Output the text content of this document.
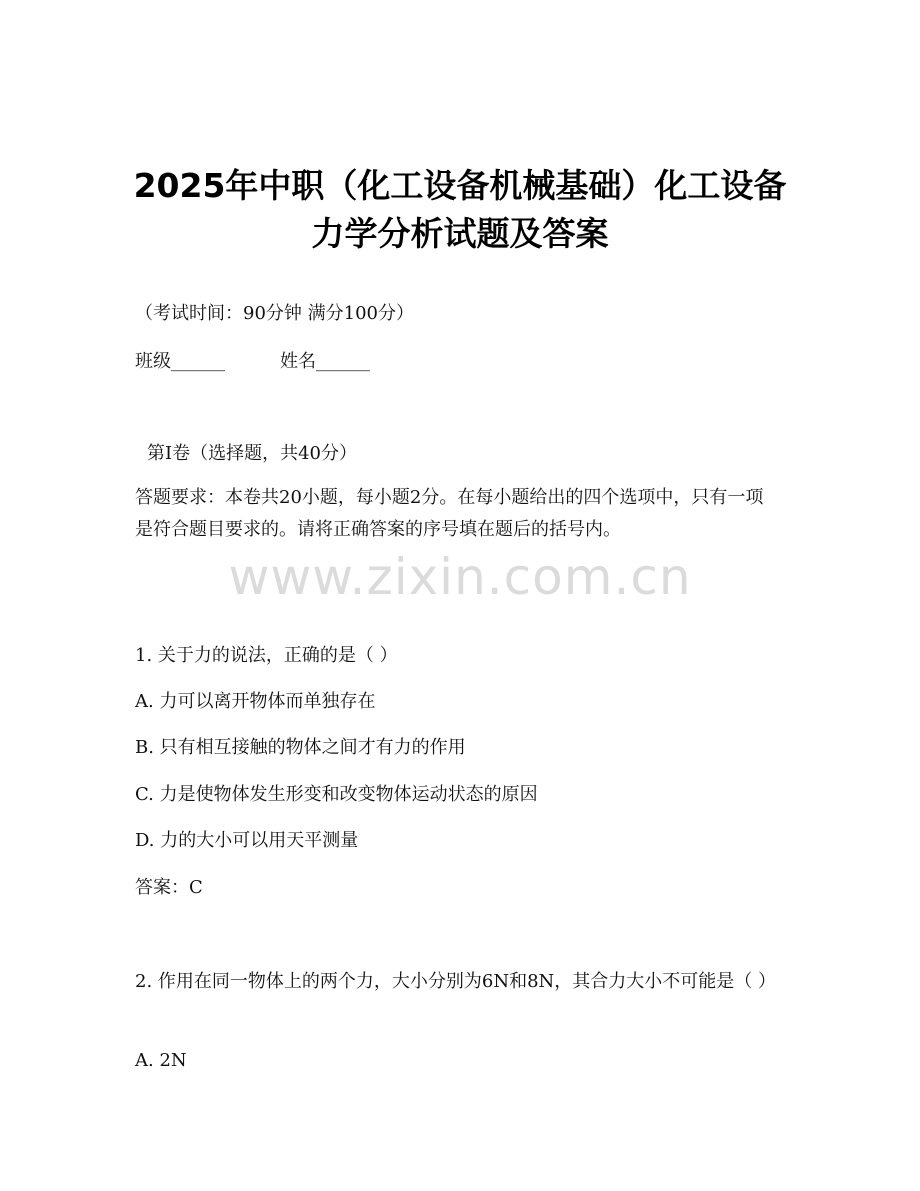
2025年中职（化工设备机械基础）化工设备
力学分析试题及答案
（考试时间：90分钟 满分100分）
班级______	姓名______
第I卷（选择题，共40分）
答题要求：本卷共20小题，每小题2分。在每小题给出的四个选项中，只有一项是符合题目要求的。请将正确答案的序号填在题后的括号内。
www.zixin.com.cn
1. 关于力的说法，正确的是（ ）
A. 力可以离开物体而单独存在
B. 只有相互接触的物体之间才有力的作用
C. 力是使物体发生形变和改变物体运动状态的原因
D. 力的大小可以用天平测量
答案：C
2. 作用在同一物体上的两个力，大小分别为6N和8N，其合力大小不可能是（ ）
A. 2N
